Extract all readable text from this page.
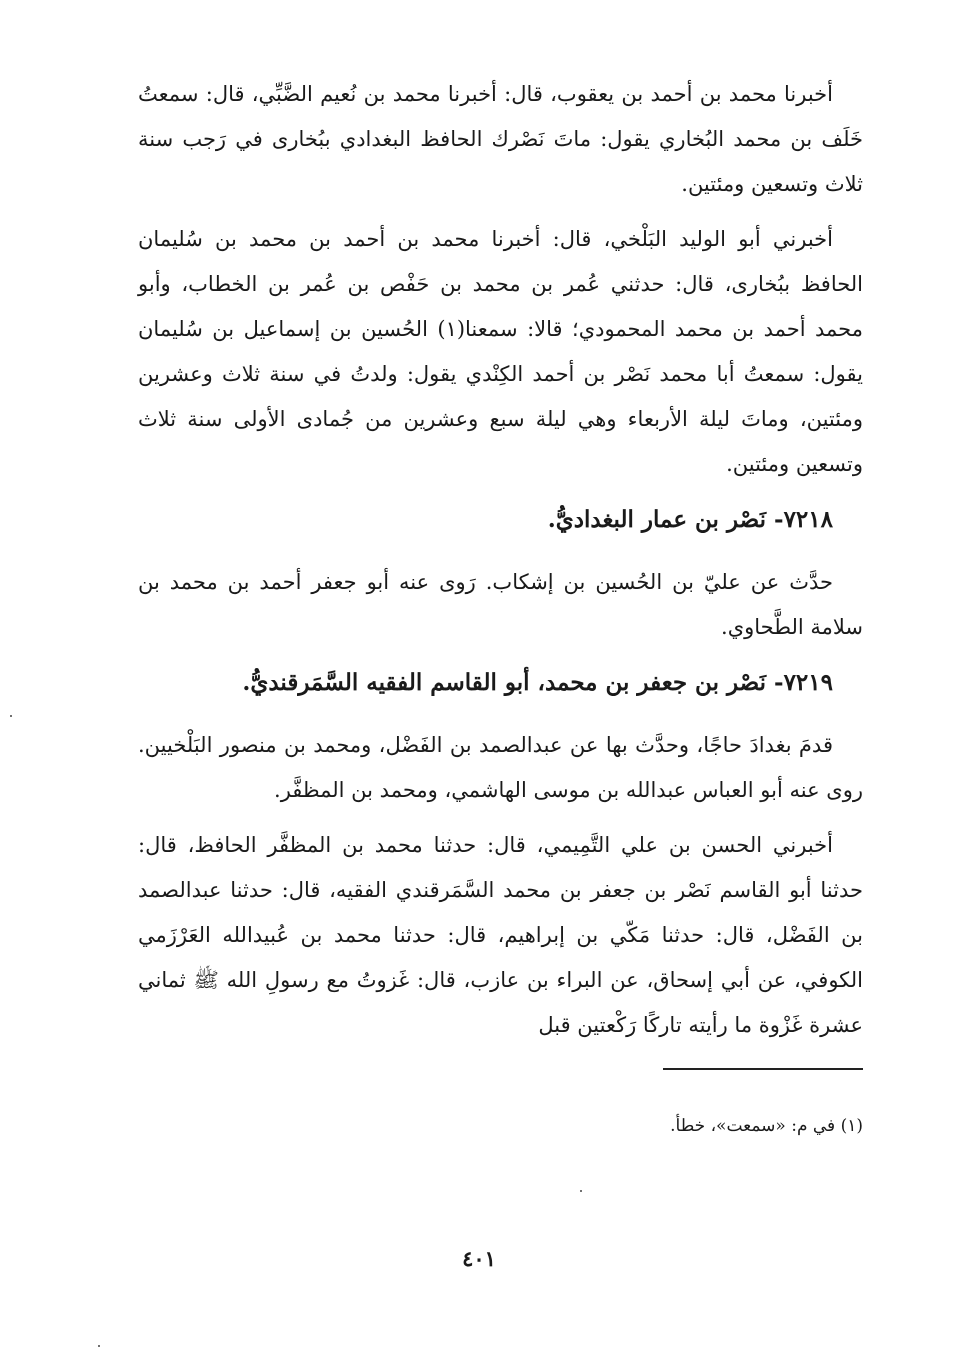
أخبرنا محمد بن أحمد بن يعقوب، قال: أخبرنا محمد بن نُعيم الضَّبِّي، قال: سمعتُ خَلَف بن محمد البُخاري يقول: ماتَ نَصْرك الحافظ البغدادي ببُخارى في رَجب سنة ثلاث وتسعين ومئتين.

أخبرني أبو الوليد البَلْخي، قال: أخبرنا محمد بن أحمد بن محمد بن سُليمان الحافظ ببُخارى، قال: حدثني عُمر بن محمد بن حَفْص بن عُمر بن الخطاب، وأبو محمد أحمد بن محمد المحمودي؛ قالا: سمعنا(١) الحُسين بن إسماعيل بن سُليمان يقول: سمعتُ أبا محمد نَصْر بن أحمد الكِنْدي يقول: ولدتُ في سنة ثلاث وعشرين ومئتين، وماتَ ليلة الأربعاء وهي ليلة سبع وعشرين من جُمادى الأولى سنة ثلاث وتسعين ومئتين.

٧٢١٨- نَصْر بن عمار البغداديُّ.

حدَّث عن عليّ بن الحُسين بن إشكاب. رَوى عنه أبو جعفر أحمد بن محمد بن سلامة الطَّحاوي.

٧٢١٩- نَصْر بن جعفر بن محمد، أبو القاسم الفقيه السَّمَرقنديُّ.

قدمَ بغدادَ حاجًا، وحدَّث بها عن عبدالصمد بن الفَضْل، ومحمد بن منصور البَلْخيين. روى عنه أبو العباس عبدالله بن موسى الهاشمي، ومحمد بن المظفَّر.

أخبرني الحسن بن علي التَّمِيمي، قال: حدثنا محمد بن المظفَّر الحافظ، قال: حدثنا أبو القاسم نَصْر بن جعفر بن محمد السَّمَرقندي الفقيه، قال: حدثنا عبدالصمد بن الفَضْل، قال: حدثنا مَكّي بن إبراهيم، قال: حدثنا محمد بن عُبيدالله العَرْزَمي الكوفي، عن أبي إسحاق، عن البراء بن عازب، قال: غَزوتُ مع رسولِ الله ﷺ ثماني عشرة غَزْوة ما رأيته تاركًا رَكْعتين قبل

(١) في م: «سمعت»، خطأ.
٤٠١
